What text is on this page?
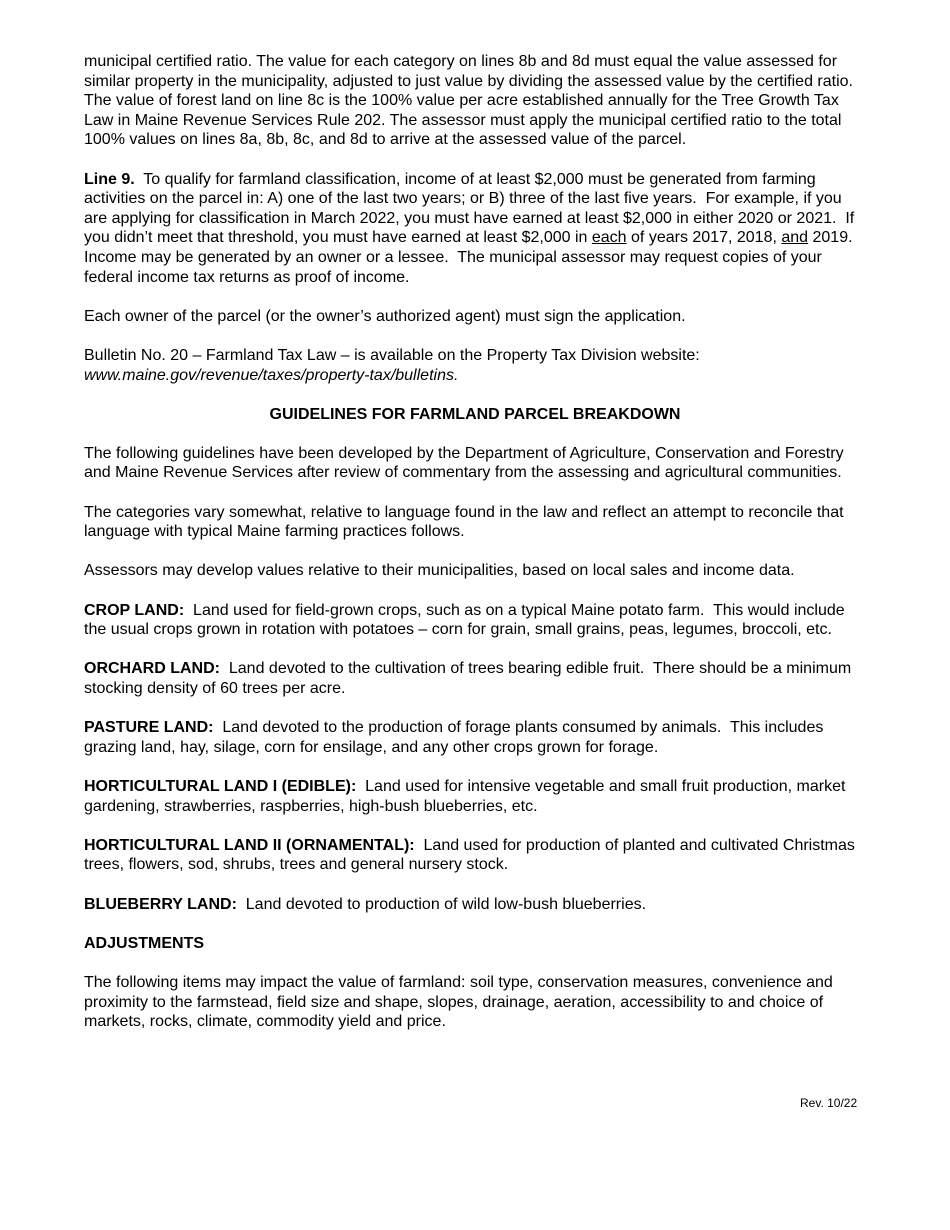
municipal certified ratio. The value for each category on lines 8b and 8d must equal the value assessed for similar property in the municipality, adjusted to just value by dividing the assessed value by the certified ratio. The value of forest land on line 8c is the 100% value per acre established annually for the Tree Growth Tax Law in Maine Revenue Services Rule 202. The assessor must apply the municipal certified ratio to the total 100% values on lines 8a, 8b, 8c, and 8d to arrive at the assessed value of the parcel.

Line 9.  To qualify for farmland classification, income of at least $2,000 must be generated from farming activities on the parcel in: A) one of the last two years; or B) three of the last five years.  For example, if you are applying for classification in March 2022, you must have earned at least $2,000 in either 2020 or 2021.  If you didn’t meet that threshold, you must have earned at least $2,000 in each of years 2017, 2018, and 2019.  Income may be generated by an owner or a lessee.  The municipal assessor may request copies of your federal income tax returns as proof of income.

Each owner of the parcel (or the owner’s authorized agent) must sign the application.

Bulletin No. 20 – Farmland Tax Law – is available on the Property Tax Division website:
www.maine.gov/revenue/taxes/property-tax/bulletins.

GUIDELINES FOR FARMLAND PARCEL BREAKDOWN

The following guidelines have been developed by the Department of Agriculture, Conservation and Forestry and Maine Revenue Services after review of commentary from the assessing and agricultural communities.

The categories vary somewhat, relative to language found in the law and reflect an attempt to reconcile that language with typical Maine farming practices follows.

Assessors may develop values relative to their municipalities, based on local sales and income data.

CROP LAND:  Land used for field-grown crops, such as on a typical Maine potato farm.  This would include the usual crops grown in rotation with potatoes – corn for grain, small grains, peas, legumes, broccoli, etc.

ORCHARD LAND:  Land devoted to the cultivation of trees bearing edible fruit.  There should be a minimum stocking density of 60 trees per acre.

PASTURE LAND:  Land devoted to the production of forage plants consumed by animals.  This includes grazing land, hay, silage, corn for ensilage, and any other crops grown for forage.

HORTICULTURAL LAND I (EDIBLE):  Land used for intensive vegetable and small fruit production, market gardening, strawberries, raspberries, high-bush blueberries, etc.

HORTICULTURAL LAND II (ORNAMENTAL):  Land used for production of planted and cultivated Christmas trees, flowers, sod, shrubs, trees and general nursery stock.

BLUEBERRY LAND:  Land devoted to production of wild low-bush blueberries.

ADJUSTMENTS

The following items may impact the value of farmland: soil type, conservation measures, convenience and proximity to the farmstead, field size and shape, slopes, drainage, aeration, accessibility to and choice of markets, rocks, climate, commodity yield and price.

Rev. 10/22
